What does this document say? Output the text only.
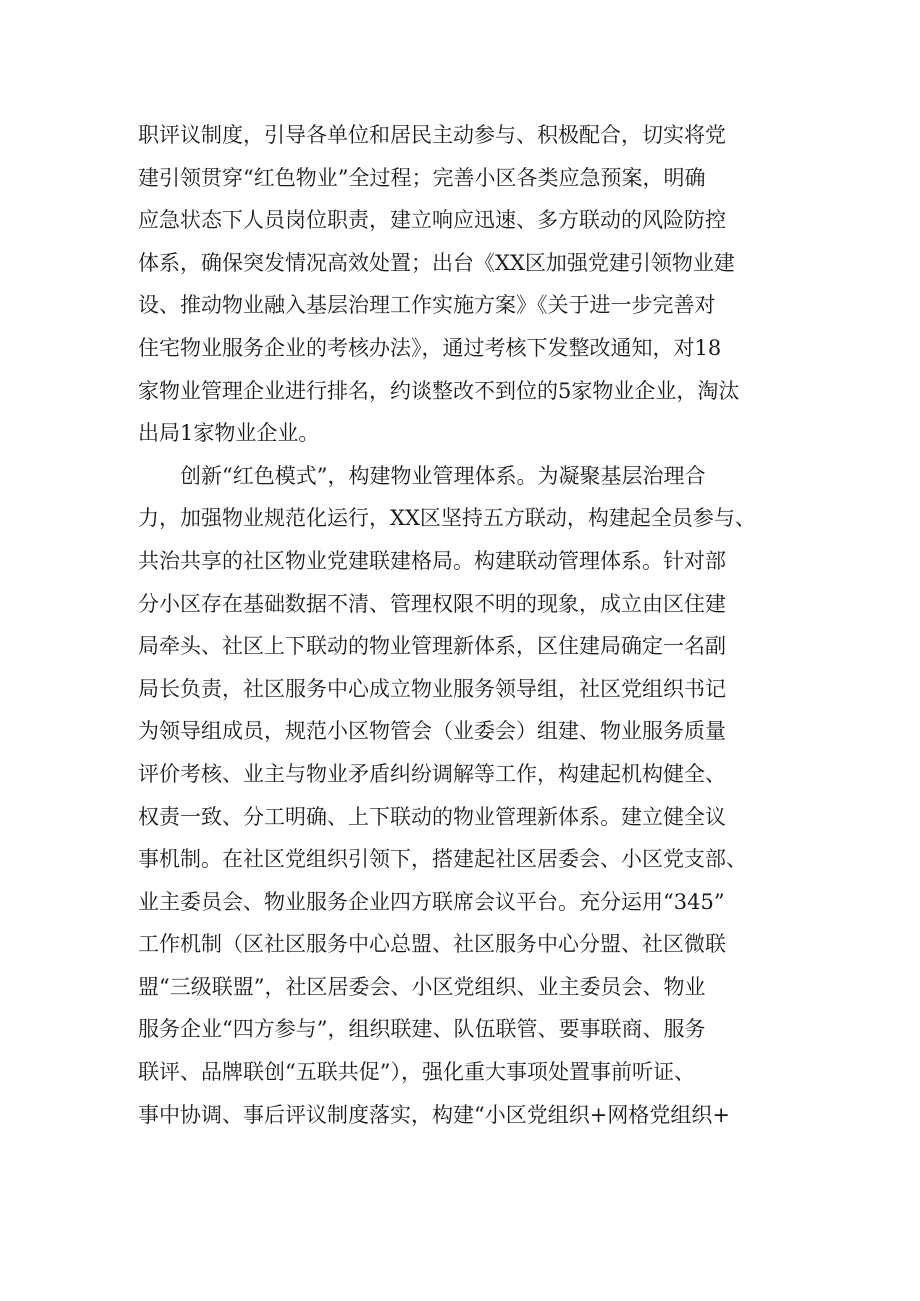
职评议制度，引导各单位和居民主动参与、积极配合，切实将党
建引领贯穿“红色物业”全过程；完善小区各类应急预案，明确
应急状态下人员岗位职责，建立响应迅速、多方联动的风险防控
体系，确保突发情况高效处置；出台《XX区加强党建引领物业建
设、推动物业融入基层治理工作实施方案》《关于进一步完善对
住宅物业服务企业的考核办法》，通过考核下发整改通知，对18
家物业管理企业进行排名，约谈整改不到位的5家物业企业，淘汰
出局1家物业企业。
　　创新“红色模式”，构建物业管理体系。为凝聚基层治理合
力，加强物业规范化运行，XX区坚持五方联动，构建起全员参与、
共治共享的社区物业党建联建格局。构建联动管理体系。针对部
分小区存在基础数据不清、管理权限不明的现象，成立由区住建
局牵头、社区上下联动的物业管理新体系，区住建局确定一名副
局长负责，社区服务中心成立物业服务领导组，社区党组织书记
为领导组成员，规范小区物管会（业委会）组建、物业服务质量
评价考核、业主与物业矛盾纠纷调解等工作，构建起机构健全、
权责一致、分工明确、上下联动的物业管理新体系。建立健全议
事机制。在社区党组织引领下，搭建起社区居委会、小区党支部、
业主委员会、物业服务企业四方联席会议平台。充分运用“345”
工作机制（区社区服务中心总盟、社区服务中心分盟、社区微联
盟“三级联盟”，社区居委会、小区党组织、业主委员会、物业
服务企业“四方参与”，组织联建、队伍联管、要事联商、服务
联评、品牌联创“五联共促”），强化重大事项处置事前听证、
事中协调、事后评议制度落实，构建“小区党组织+网格党组织+
